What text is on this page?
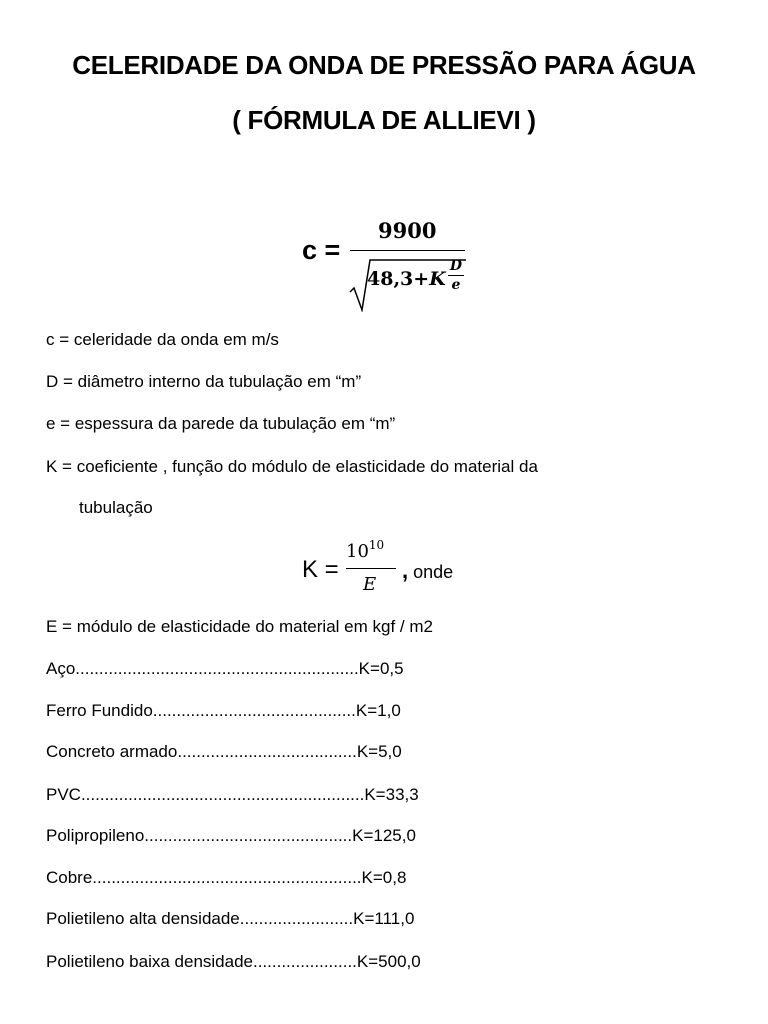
CELERIDADE DA ONDA DE PRESSÃO PARA ÁGUA
( FÓRMULA DE ALLIEVI )
c =
9900
48,3+K
D
e
c = celeridade da onda em m/s
D = diâmetro interno da tubulação em “m”
e = espessura da parede da tubulação em “m”
K = coeficiente , função do módulo de elasticidade do material da
tubulação
K =
$10^{10}$
E
, onde
E = módulo de elasticidade do material em kgf / m2
Aço............................................................K=0,5
Ferro Fundido...........................................K=1,0
Concreto armado......................................K=5,0
PVC............................................................K=33,3
Polipropileno............................................K=125,0
Cobre.........................................................K=0,8
Polietileno alta densidade........................K=111,0
Polietileno baixa densidade......................K=500,0
